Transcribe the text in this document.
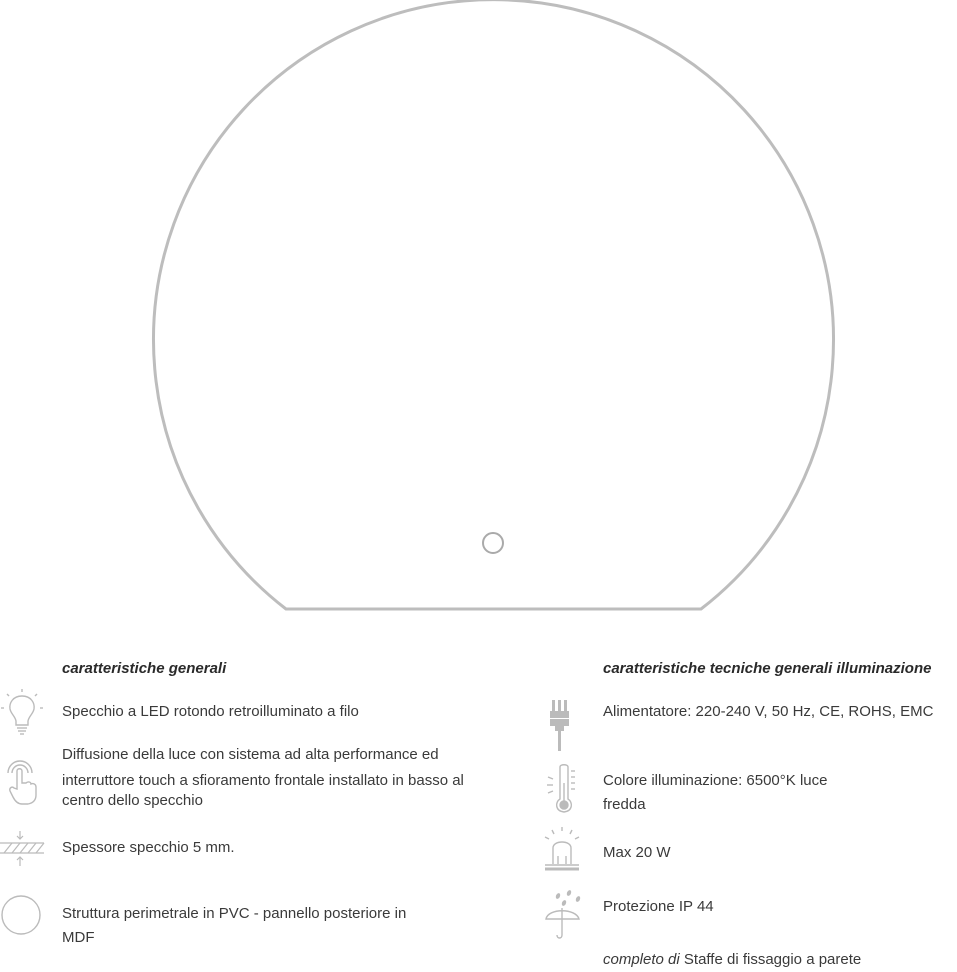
caratteristiche generali
Specchio a LED rotondo retroilluminato a filo
Diffusione della luce con sistema ad alta performance ed
interruttore touch a sfioramento frontale installato in basso al
centro dello specchio
Spessore specchio 5 mm.
Struttura perimetrale in PVC - pannello posteriore in
MDF
caratteristiche tecniche generali illuminazione
Alimentatore: 220-240 V, 50 Hz, CE, ROHS, EMC
Colore illuminazione: 6500°K luce
fredda
Max 20 W
Protezione IP 44
completo di Staffe di fissaggio a parete
